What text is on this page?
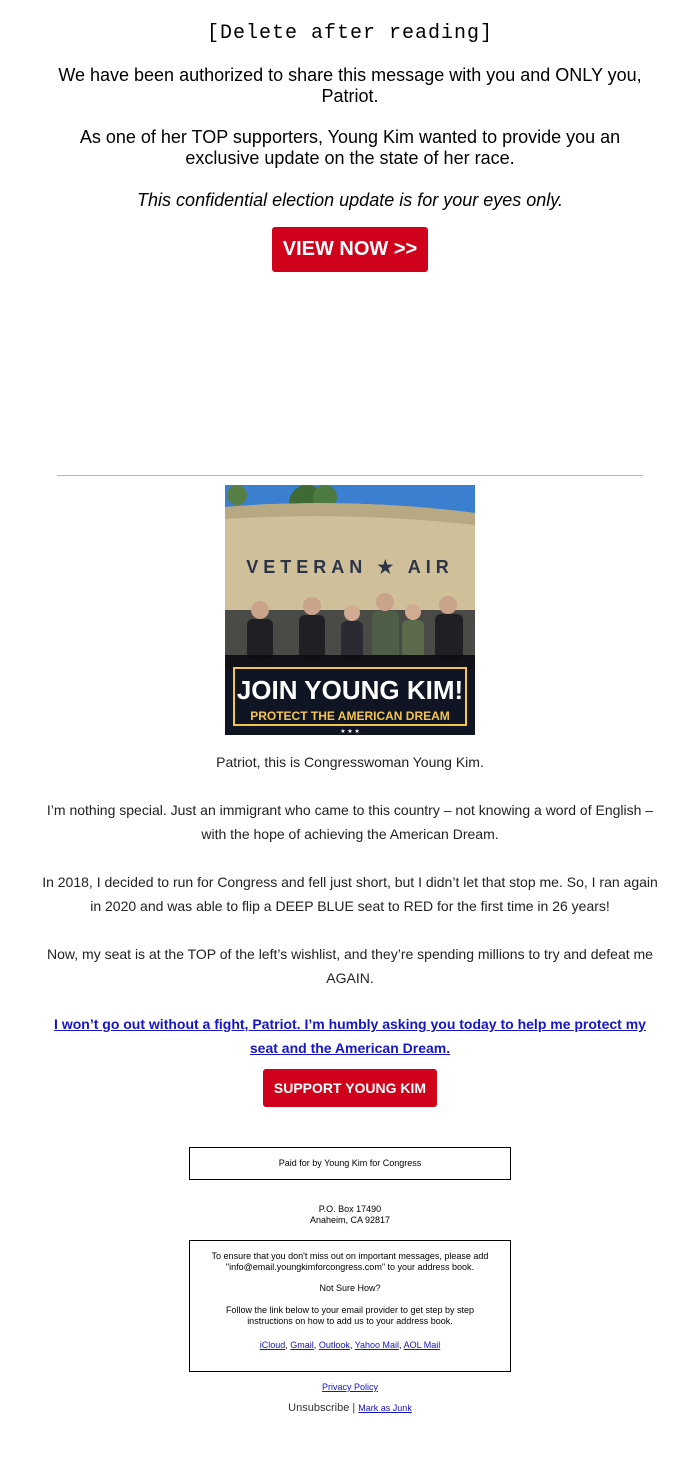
[Delete after reading]

We have been authorized to share this message with you and ONLY you, Patriot.
As one of her TOP supporters, Young Kim wanted to provide you an exclusive update on the state of her race.
This confidential election update is for your eyes only.
VIEW NOW >>
VETERAN ★ AIR
JOIN YOUNG KIM!
PROTECT THE AMERICAN DREAM
★ ★ ★

Patriot, this is Congresswoman Young Kim.

I’m nothing special. Just an immigrant who came to this country – not knowing a word of English – with the hope of achieving the American Dream.

In 2018, I decided to run for Congress and fell just short, but I didn’t let that stop me. So, I ran again in 2020 and was able to flip a DEEP BLUE seat to RED for the first time in 26 years!

Now, my seat is at the TOP of the left’s wishlist, and they’re spending millions to try and defeat me AGAIN.

I won’t go out without a fight, Patriot. I’m humbly asking you today to help me protect my seat and the American Dream.
SUPPORT YOUNG KIM
Paid for by Young Kim for Congress
P.O. Box 17490
Anaheim, CA 92817
To ensure that you don't miss out on important messages, please add "info@email.youngkimforcongress.com" to your address book.
Not Sure How?
Follow the link below to your email provider to get step by step instructions on how to add us to your address book.
iCloud, Gmail, Outlook, Yahoo Mail, AOL Mail
Privacy Policy
Unsubscribe | Mark as Junk
